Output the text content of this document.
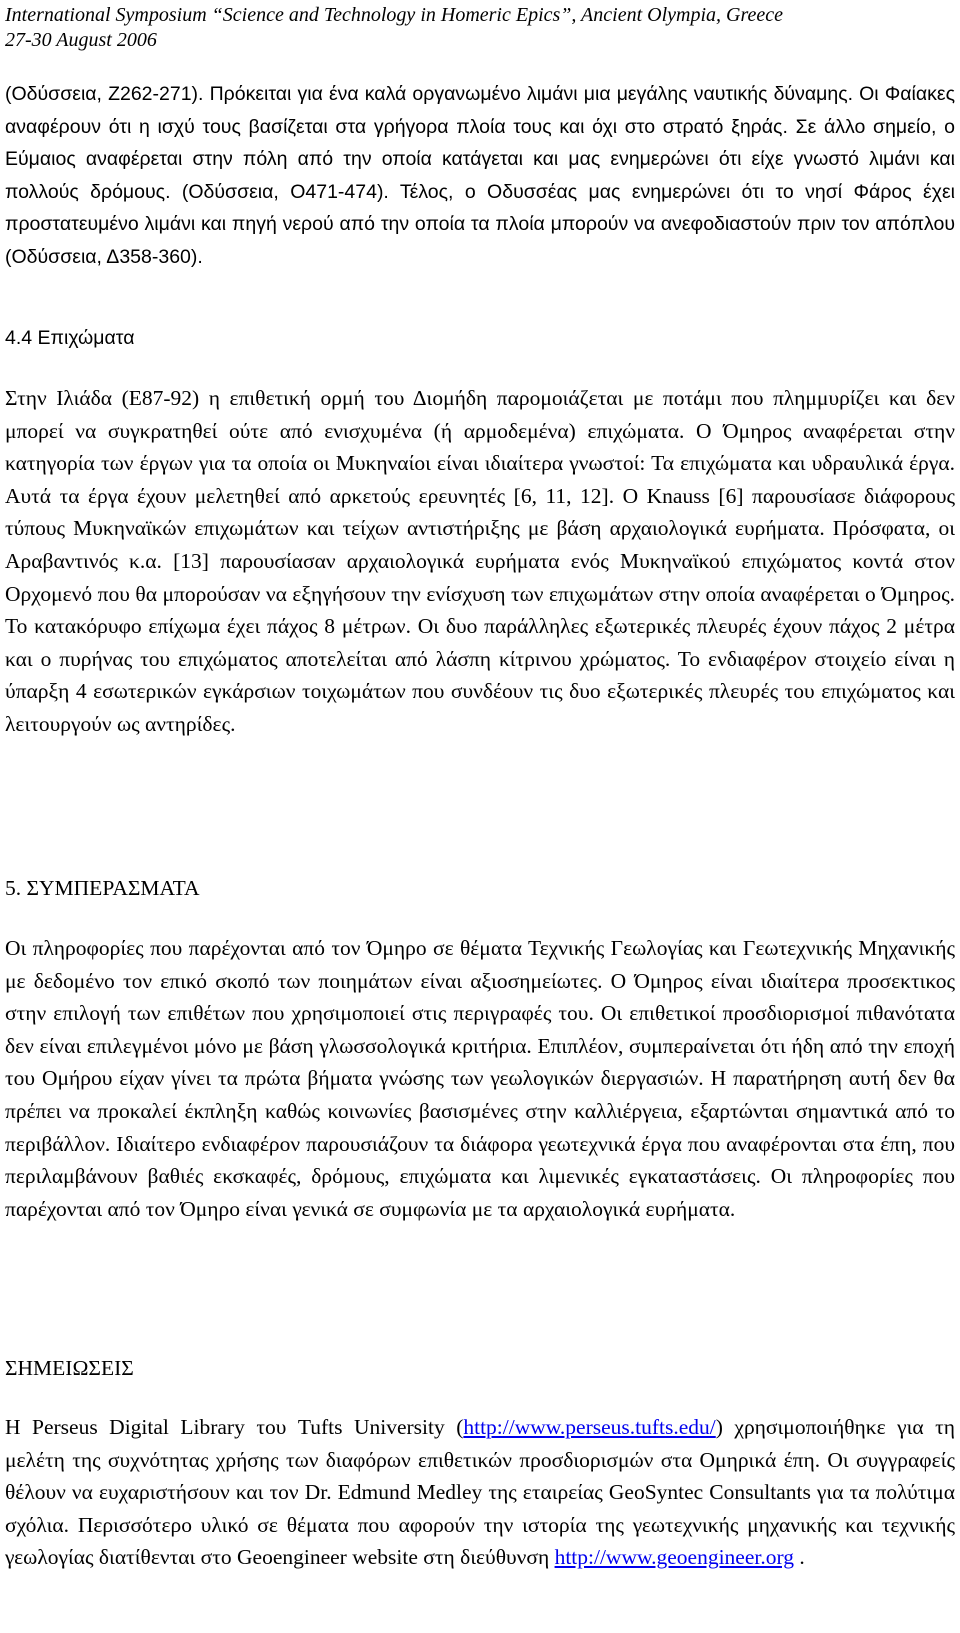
International Symposium “Science and Technology in Homeric Epics”, Ancient Olympia, Greece
27-30 August 2006

(Οδύσσεια, Ζ262-271). Πρόκειται για ένα καλά οργανωμένο λιμάνι μια μεγάλης ναυτικής δύναμης. Οι Φαίακες αναφέρουν ότι η ισχύ τους βασίζεται στα γρήγορα πλοία τους και όχι στο στρατό ξηράς. Σε άλλο σημείο, ο Εύμαιος αναφέρεται στην πόλη από την οποία κατάγεται και μας ενημερώνει ότι είχε γνωστό λιμάνι και πολλούς δρόμους. (Οδύσσεια, Ο471-474). Τέλος, ο Οδυσσέας μας ενημερώνει ότι το νησί Φάρος έχει προστατευμένο λιμάνι και πηγή νερού από την οποία τα πλοία μπορούν να ανεφοδιαστούν πριν τον απόπλου (Οδύσσεια, Δ358-360).

4.4 Επιχώματα

Στην Ιλιάδα (Ε87-92) η επιθετική ορμή του Διομήδη παρομοιάζεται με ποτάμι που πλημμυρίζει και δεν μπορεί να συγκρατηθεί ούτε από ενισχυμένα (ή αρμοδεμένα) επιχώματα. Ο Όμηρος αναφέρεται στην κατηγορία των έργων για τα οποία οι Μυκηναίοι είναι ιδιαίτερα γνωστοί: Τα επιχώματα και υδραυλικά έργα. Αυτά τα έργα έχουν μελετηθεί από αρκετούς ερευνητές [6, 11, 12]. O Knauss [6] παρουσίασε διάφορους τύπους Μυκηναϊκών επιχωμάτων και τείχων αντιστήριξης με βάση αρχαιολογικά ευρήματα. Πρόσφατα, οι Αραβαντινός κ.α. [13] παρουσίασαν αρχαιολογικά ευρήματα ενός Μυκηναϊκού επιχώματος κοντά στον Ορχομενό που θα μπορούσαν να εξηγήσουν την ενίσχυση των επιχωμάτων στην οποία αναφέρεται ο Όμηρος. Το κατακόρυφο επίχωμα έχει πάχος 8 μέτρων. Οι δυο παράλληλες εξωτερικές πλευρές έχουν πάχος 2 μέτρα και ο πυρήνας του επιχώματος αποτελείται από λάσπη κίτρινου χρώματος. Το ενδιαφέρον στοιχείο είναι η ύπαρξη 4 εσωτερικών εγκάρσιων τοιχωμάτων που συνδέουν τις δυο εξωτερικές πλευρές του επιχώματος και λειτουργούν ως αντηρίδες.

5. ΣΥΜΠΕΡΑΣΜΑΤΑ

Οι πληροφορίες που παρέχονται από τον Όμηρο σε θέματα Τεχνικής Γεωλογίας και Γεωτεχνικής Μηχανικής με δεδομένο τον επικό σκοπό των ποιημάτων είναι αξιοσημείωτες. Ο Όμηρος είναι ιδιαίτερα προσεκτικος στην επιλογή των επιθέτων που χρησιμοποιεί στις περιγραφές του. Οι επιθετικοί προσδιορισμοί πιθανότατα δεν είναι επιλεγμένοι μόνο με βάση γλωσσολογικά κριτήρια. Επιπλέον, συμπεραίνεται ότι ήδη από την εποχή του Ομήρου είχαν γίνει τα πρώτα βήματα γνώσης των γεωλογικών διεργασιών. Η παρατήρηση αυτή δεν θα πρέπει να προκαλεί έκπληξη καθώς κοινωνίες βασισμένες στην καλλιέργεια, εξαρτώνται σημαντικά από το περιβάλλον. Ιδιαίτερο ενδιαφέρον παρουσιάζουν τα διάφορα γεωτεχνικά έργα που αναφέρονται στα έπη, που περιλαμβάνουν βαθιές εκσκαφές, δρόμους, επιχώματα και λιμενικές εγκαταστάσεις. Οι πληροφορίες που παρέχονται από τον Όμηρο είναι γενικά σε συμφωνία με τα αρχαιολογικά ευρήματα.

ΣΗΜΕΙΩΣΕΙΣ

H Perseus Digital Library του Tufts University (http://www.perseus.tufts.edu/) χρησιμοποιήθηκε για τη μελέτη της συχνότητας χρήσης των διαφόρων επιθετικών προσδιορισμών στα Ομηρικά έπη. Οι συγγραφείς θέλουν να ευχαριστήσουν και τον Dr. Edmund Medley της εταιρείας GeoSyntec Consultants για τα πολύτιμα σχόλια. Περισσότερο υλικό σε θέματα που αφορούν την ιστορία της γεωτεχνικής μηχανικής και τεχνικής γεωλογίας διατίθενται στο Geoengineer website στη διεύθυνση http://www.geoengineer.org .
